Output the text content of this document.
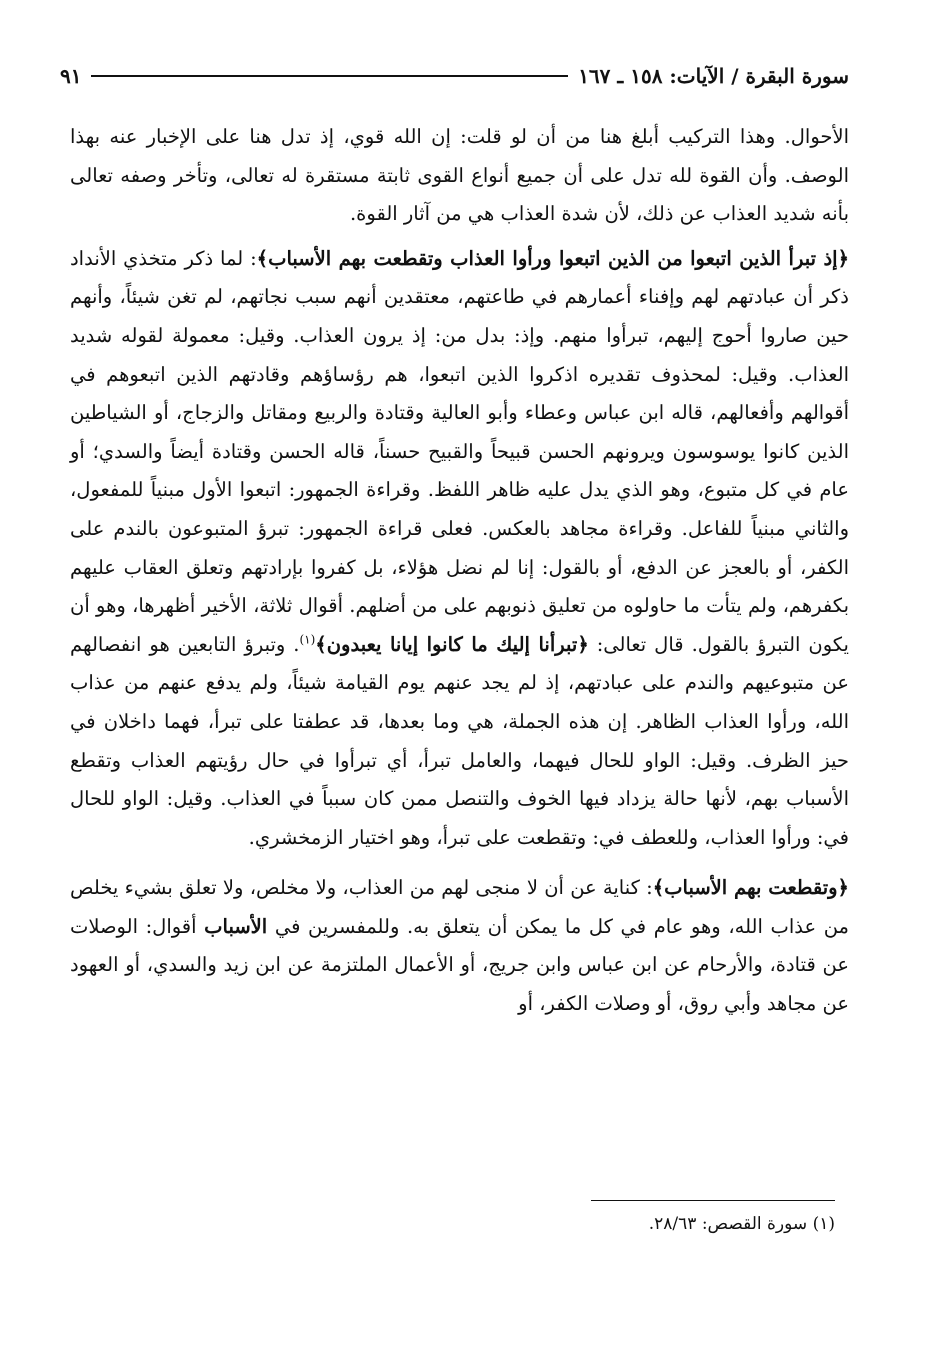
سورة البقرة / الآيات: ١٥٨ ـ ١٦٧
٩١

الأحوال. وهذا التركيب أبلغ هنا من أن لو قلت: إن الله قوي، إذ تدل هنا على الإخبار عنه بهذا الوصف. وأن القوة لله تدل على أن جميع أنواع القوى ثابتة مستقرة له تعالى، وتأخر وصفه تعالى بأنه شديد العذاب عن ذلك، لأن شدة العذاب هي من آثار القوة.

﴿إذ تبرأ الذين اتبعوا من الذين اتبعوا ورأوا العذاب وتقطعت بهم الأسباب﴾: لما ذكر متخذي الأنداد ذكر أن عبادتهم لهم وإفناء أعمارهم في طاعتهم، معتقدين أنهم سبب نجاتهم، لم تغن شيئاً، وأنهم حين صاروا أحوج إليهم، تبرأوا منهم. وإذ: بدل من: إذ يرون العذاب. وقيل: معمولة لقوله شديد العذاب. وقيل: لمحذوف تقديره اذكروا الذين اتبعوا، هم رؤساؤهم وقادتهم الذين اتبعوهم في أقوالهم وأفعالهم، قاله ابن عباس وعطاء وأبو العالية وقتادة والربيع ومقاتل والزجاج، أو الشياطين الذين كانوا يوسوسون ويرونهم الحسن قبيحاً والقبيح حسناً، قاله الحسن وقتادة أيضاً والسدي؛ أو عام في كل متبوع، وهو الذي يدل عليه ظاهر اللفظ. وقراءة الجمهور: اتبعوا الأول مبنياً للمفعول، والثاني مبنياً للفاعل. وقراءة مجاهد بالعكس. فعلى قراءة الجمهور: تبرؤ المتبوعون بالندم على الكفر، أو بالعجز عن الدفع، أو بالقول: إنا لم نضل هؤلاء، بل كفروا بإرادتهم وتعلق العقاب عليهم بكفرهم، ولم يتأت ما حاولوه من تعليق ذنوبهم على من أضلهم. أقوال ثلاثة، الأخير أظهرها، وهو أن يكون التبرؤ بالقول. قال تعالى: ﴿تبرأنا إليك ما كانوا إيانا يعبدون﴾$^{(١)}$. وتبرؤ التابعين هو انفصالهم عن متبوعيهم والندم على عبادتهم، إذ لم يجد عنهم يوم القيامة شيئاً، ولم يدفع عنهم من عذاب الله، ورأوا العذاب الظاهر. إن هذه الجملة، هي وما بعدها، قد عطفتا على تبرأ، فهما داخلان في حيز الظرف. وقيل: الواو للحال فيهما، والعامل تبرأ، أي تبرأوا في حال رؤيتهم العذاب وتقطع الأسباب بهم، لأنها حالة يزداد فيها الخوف والتنصل ممن كان سبباً في العذاب. وقيل: الواو للحال في: ورأوا العذاب، وللعطف في: وتقطعت على تبرأ، وهو اختيار الزمخشري.

﴿وتقطعت بهم الأسباب﴾: كناية عن أن لا منجى لهم من العذاب، ولا مخلص، ولا تعلق بشيء يخلص من عذاب الله، وهو عام في كل ما يمكن أن يتعلق به. وللمفسرين في الأسباب أقوال: الوصلات عن قتادة، والأرحام عن ابن عباس وابن جريج، أو الأعمال الملتزمة عن ابن زيد والسدي، أو العهود عن مجاهد وأبي روق، أو وصلات الكفر، أو

(١) سورة القصص: ٢٨/٦٣.
